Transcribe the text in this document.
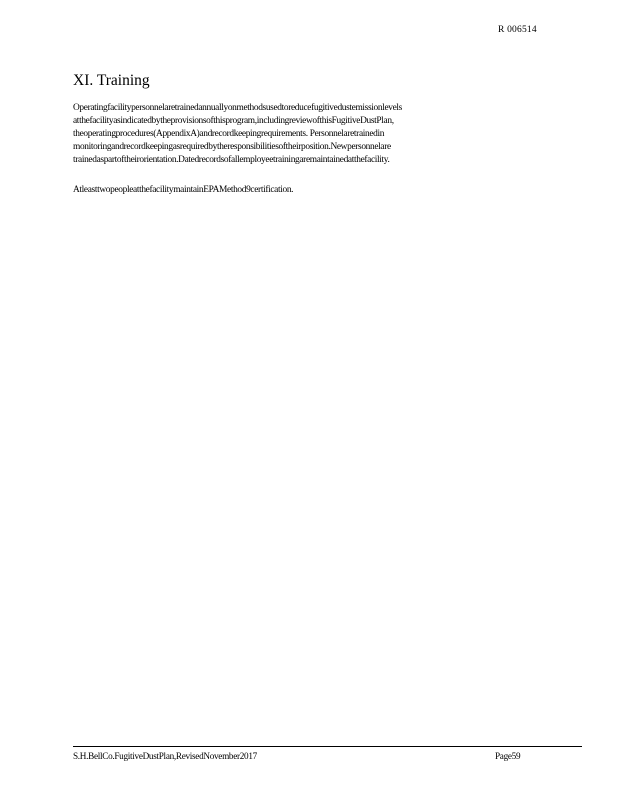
R 006514
XI. Training

Operatingfacilitypersonnelaretrainedannuallyonmethodsusedtoreducefugitivedustemissionlevels
atthefacilityasindicatedbytheprovisionsofthisprogram,includingreviewofthisFugitiveDustPlan,
theoperatingprocedures(AppendixA)andrecordkeepingrequirements. Personnelaretrainedin
monitoringandrecordkeepingasrequiredbytheresponsibilitiesoftheirposition.Newpersonnelare
trainedaspartoftheirorientation.Datedrecordsofallemployeetrainingaremaintainedatthefacility.

AtleasttwopeopleatthefacilitymaintainEPAMethod9certification.

S.H.BellCo.FugitiveDustPlan,RevisedNovember2017	Page59
